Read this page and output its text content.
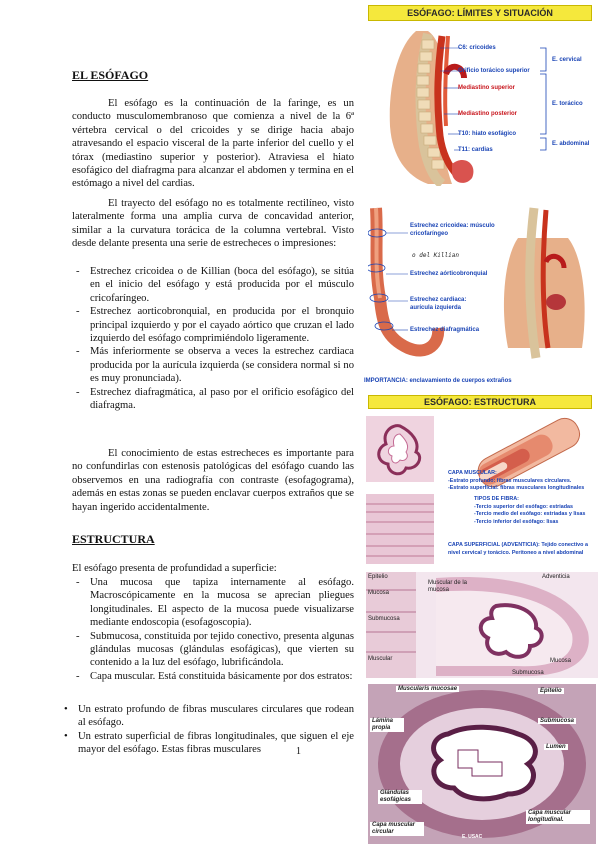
EL ESÓFAGO

El esófago es la continuación de la faringe, es un conducto musculomembranoso que comienza a nivel de la 6ª vértebra cervical o del cricoides y se dirige hacia abajo atravesando el espacio visceral de la parte inferior del cuello y el tórax (mediastino superior y posterior). Atraviesa el hiato esofágico del diafragma para alcanzar el abdomen y termina en el estómago a nivel del cardias.

El trayecto del esófago no es totalmente rectilíneo, visto lateralmente forma una amplia curva de concavidad anterior, similar a la curvatura torácica de la columna vertebral. Visto desde delante presenta una serie de estrecheces o impresiones:

- Estrechez cricoidea o de Killian (boca del esófago), se sitúa en el inicio del esófago y está producida por el músculo cricofaríngeo.
- Estrechez aorticobronquial, en producida por el bronquio principal izquierdo y por el cayado aórtico que cruzan el lado izquierdo del esófago comprimiéndolo ligeramente.
- Más inferiormente se observa a veces la estrechez cardiaca producida por la aurícula izquierda (se considera normal si no es muy pronunciada).
- Estrechez diafragmática, al paso por el orificio esofágico del diafragma.

El conocimiento de estas estrecheces es importante para no confundirlas con estenosis patológicas del esófago cuando las observemos en una radiografía con contraste (esofagograma), además en estas zonas se pueden enclavar cuerpos extraños que se hayan ingerido accidentalmente.

ESTRUCTURA

El esófago presenta de profundidad a superficie:

- Una mucosa que tapiza internamente al esófago. Macroscópicamente en la mucosa se aprecian pliegues longitudinales. El aspecto de la mucosa puede visualizarse mediante endoscopia (esofagoscopia).
- Submucosa, constituida por tejido conectivo, presenta algunas glándulas mucosas (glándulas esofágicas), que vierten su contenido a la luz del esófago, lubrificándola.
- Capa muscular. Está constituida básicamente por dos estratos:
• Un estrato profundo de fibras musculares circulares que rodean al esófago.
• Un estrato superficial de fibras longitudinales, que siguen el eje mayor del esófago. Estas fibras musculares	1
ESÓFAGO: LÍMITES Y SITUACIÓN
C6: cricoides
Orificio torácico superior
Mediastino superior
Mediastino posterior
T10: hiato esofágico
T11: cardias
E. cervical
E. torácico
E. abdominal
Estrechez cricoidea: músculo cricofaríngeo
o del Killian
Estrechez aórticobronquial
Estrechez cardiaca: aurícula izquierda
Estrechez diafragmática
IMPORTANCIA: enclavamiento de cuerpos extraños
ESÓFAGO: ESTRUCTURA
CAPA MUSCULAR:
-Estrato profundo: fibras musculares circulares.
-Estrato superficial: fibras musculares longitudinales
TIPOS DE FIBRA:
-Tercio superior del esófago: estriadas
-Tercio medio del esófago: estriadas y lisas
-Tercio inferior del esófago: lisas
CAPA SUPERFICIAL (ADVENTICIA): Tejido conectivo a nivel cervical y torácico. Peritoneo a nivel abdominal
Epitelio
Mucosa
Submucosa
Muscular
Muscular de la mucosa
Adventicia
Mucosa
Submucosa
Muscularis mucosae	Epitelio
Lámina propia
Submucosa
Lumen
Glándulas esofágicas
Capa muscular circular
Capa muscular longitudinal.
E. USAC
